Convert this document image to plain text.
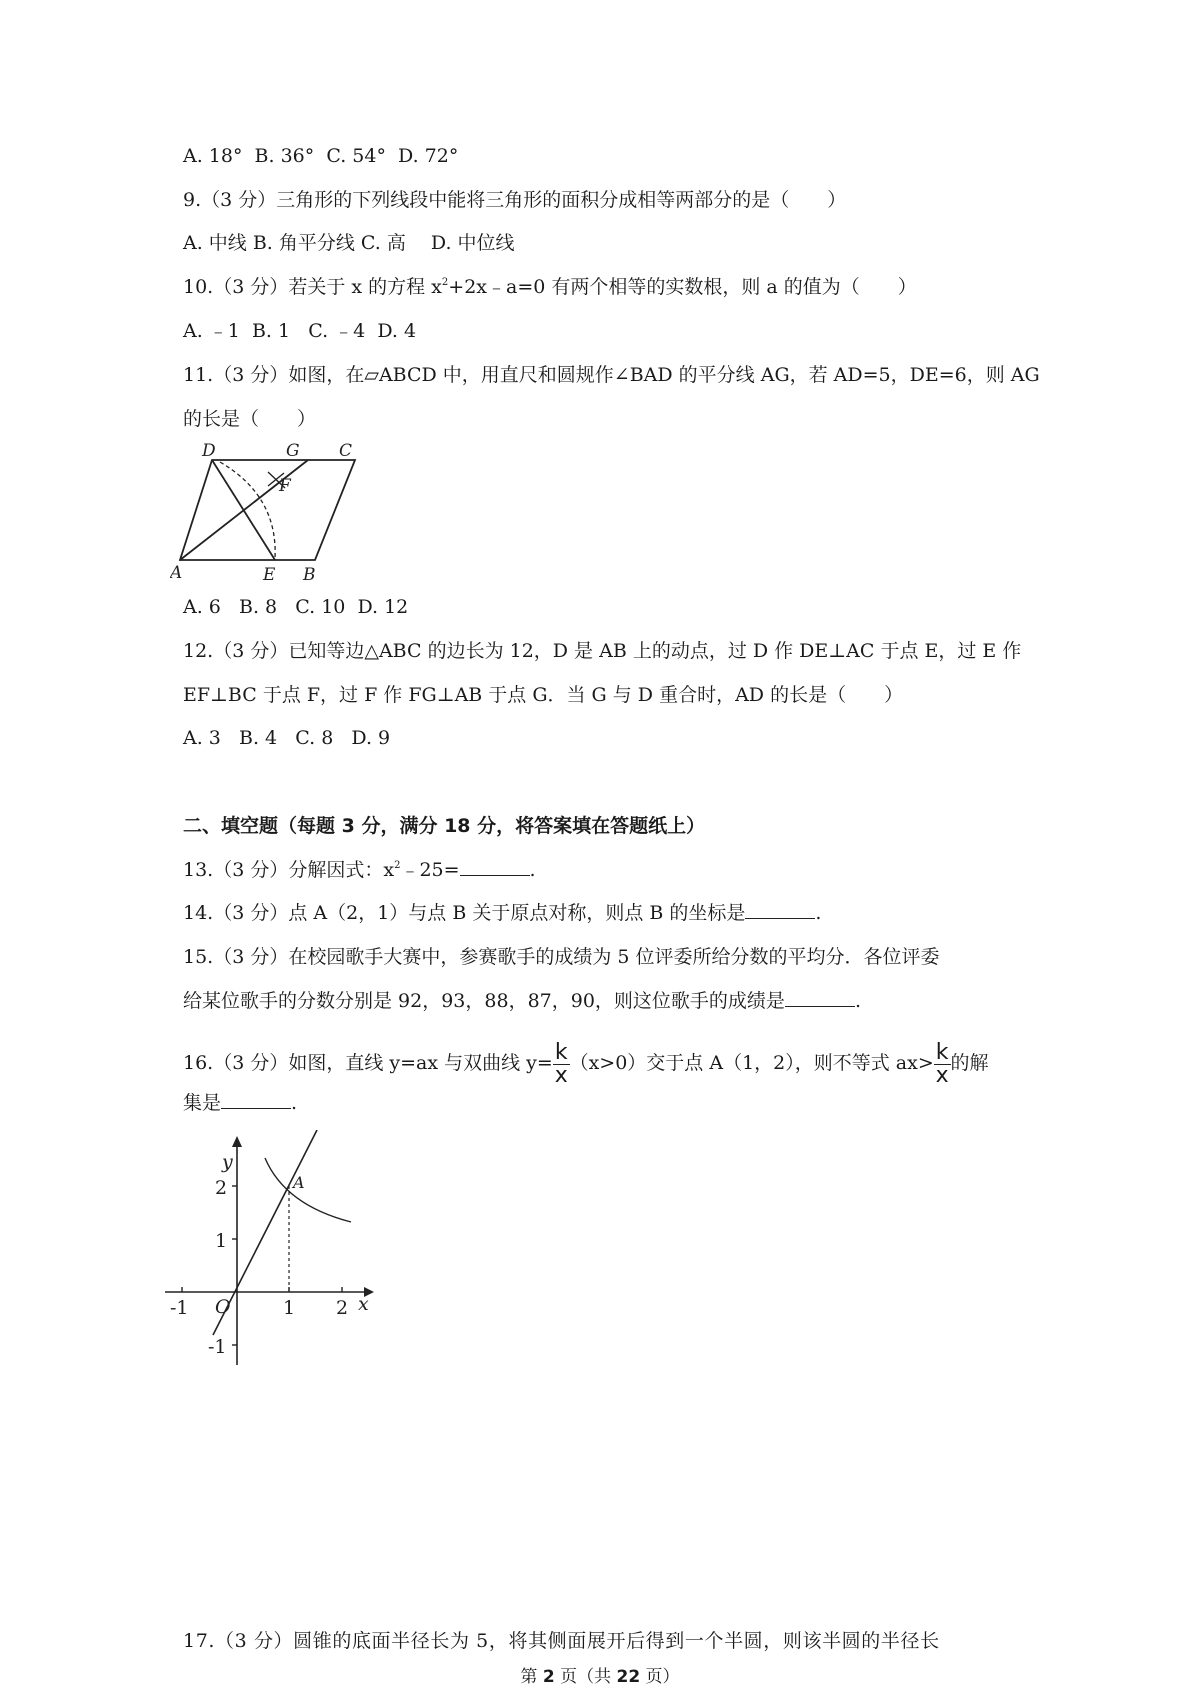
A. 18°  B. 36°  C. 54°  D. 72°
9.（3 分）三角形的下列线段中能将三角形的面积分成相等两部分的是（　　）
A. 中线 B. 角平分线 C. 高　 D. 中位线
10.（3 分）若关于 x 的方程 $x^2+2x﹣a=0$ 有两个相等的实数根，则 a 的值为（　　）
A. ﹣1  B. 1   C. ﹣4  D. 4
11.（3 分）如图，在▱ABCD 中，用直尺和圆规作∠BAD 的平分线 AG，若 AD=5，DE=6，则 AG
的长是（　　）
D	G C
F
A	E B
A. 6   B. 8   C. 10  D. 12
12.（3 分）已知等边△ABC 的边长为 12，D 是 AB 上的动点，过 D 作 DE⊥AC 于点 E，过 E 作
EF⊥BC 于点 F，过 F 作 FG⊥AB 于点 G．当 G 与 D 重合时，AD 的长是（　　）
A. 3   B. 4   C. 8   D. 9
二、填空题（每题 3 分，满分 18 分，将答案填在答题纸上）
13.（3 分）分解因式：$x^2﹣25=$	.
14.（3 分）点 A（2，1）与点 B 关于原点对称，则点 B 的坐标是	.
15.（3 分）在校园歌手大赛中，参赛歌手的成绩为 5 位评委所给分数的平均分．各位评委
给某位歌手的分数分别是 92，93，88，87，90，则这位歌手的成绩是	.
16.（3 分）如图，直线 y=ax 与双曲线 $y= \frac{k}{x} (x>0)$交于点 A（1，2），则不等式 $ax> \frac{k}{x}$ 的解
集是	.
y
x
O
A
2
1
-1
-1	1 2
17.（3 分）圆锥的底面半径长为 5，将其侧面展开后得到一个半圆，则该半圆的半径长
第 2 页（共 22 页）
